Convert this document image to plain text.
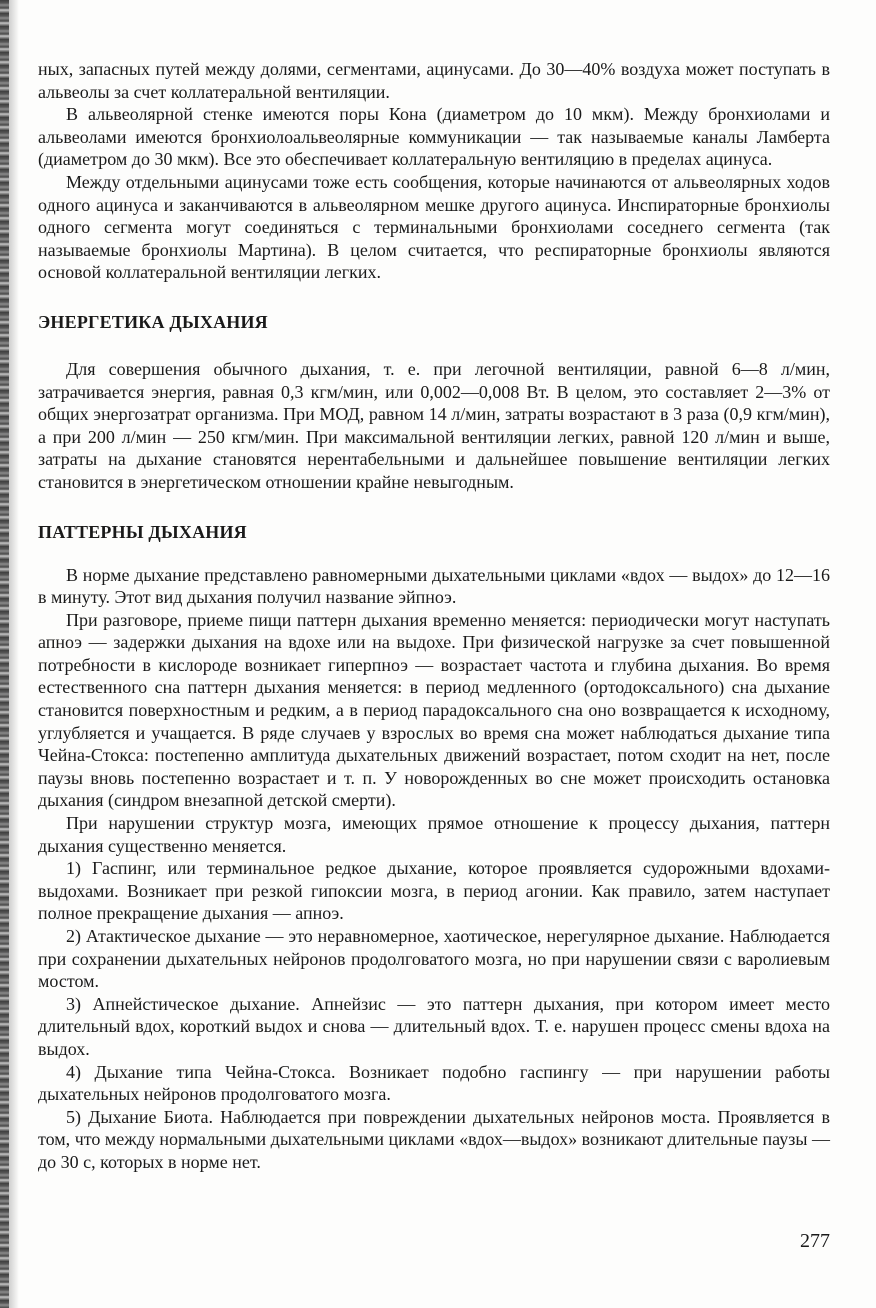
ных, запасных путей между долями, сегментами, ацинусами. До 30—40% воздуха может поступать в альвеолы за счет коллатеральной вентиляции.

В альвеолярной стенке имеются поры Кона (диаметром до 10 мкм). Между бронхиолами и альвеолами имеются бронхиолоальвеолярные коммуникации — так называемые каналы Ламберта (диаметром до 30 мкм). Все это обеспечивает коллатеральную вентиляцию в пределах ацинуса.

Между отдельными ацинусами тоже есть сообщения, которые начинаются от альвеолярных ходов одного ацинуса и заканчиваются в альвеолярном мешке другого ацинуса. Инспираторные бронхиолы одного сегмента могут соединяться с терминальными бронхиолами соседнего сегмента (так называемые бронхиолы Мартина). В целом считается, что респираторные бронхиолы являются основой коллатеральной вентиляции легких.

ЭНЕРГЕТИКА ДЫХАНИЯ

Для совершения обычного дыхания, т. е. при легочной вентиляции, равной 6—8 л/мин, затрачивается энергия, равная 0,3 кгм/мин, или 0,002—0,008 Вт. В целом, это составляет 2—3% от общих энергозатрат организма. При МОД, равном 14 л/мин, затраты возрастают в 3 раза (0,9 кгм/мин), а при 200 л/мин — 250 кгм/мин. При максимальной вентиляции легких, равной 120 л/мин и выше, затраты на дыхание становятся нерентабельными и дальнейшее повышение вентиляции легких становится в энергетическом отношении крайне невыгодным.

ПАТТЕРНЫ ДЫХАНИЯ

В норме дыхание представлено равномерными дыхательными циклами «вдох — выдох» до 12—16 в минуту. Этот вид дыхания получил название эйпноэ.

При разговоре, приеме пищи паттерн дыхания временно меняется: периодически могут наступать апноэ — задержки дыхания на вдохе или на выдохе. При физической нагрузке за счет повышенной потребности в кислороде возникает гиперпноэ — возрастает частота и глубина дыхания. Во время естественного сна паттерн дыхания меняется: в период медленного (ортодоксального) сна дыхание становится поверхностным и редким, а в период парадоксального сна оно возвращается к исходному, углубляется и учащается. В ряде случаев у взрослых во время сна может наблюдаться дыхание типа Чейна-Стокса: постепенно амплитуда дыхательных движений возрастает, потом сходит на нет, после паузы вновь постепенно возрастает и т. п. У новорожденных во сне может происходить остановка дыхания (синдром внезапной детской смерти).

При нарушении структур мозга, имеющих прямое отношение к процессу дыхания, паттерн дыхания существенно меняется.

1) Гаспинг, или терминальное редкое дыхание, которое проявляется судорожными вдохами-выдохами. Возникает при резкой гипоксии мозга, в период агонии. Как правило, затем наступает полное прекращение дыхания — апноэ.

2) Атактическое дыхание — это неравномерное, хаотическое, нерегулярное дыхание. Наблюдается при сохранении дыхательных нейронов продолговатого мозга, но при нарушении связи с варолиевым мостом.

3) Апнейстическое дыхание. Апнейзис — это паттерн дыхания, при котором имеет место длительный вдох, короткий выдох и снова — длительный вдох. Т. е. нарушен процесс смены вдоха на выдох.

4) Дыхание типа Чейна-Стокса. Возникает подобно гаспингу — при нарушении работы дыхательных нейронов продолговатого мозга.

5) Дыхание Биота. Наблюдается при повреждении дыхательных нейронов моста. Проявляется в том, что между нормальными дыхательными циклами «вдох—выдох» возникают длительные паузы — до 30 с, которых в норме нет.

277
